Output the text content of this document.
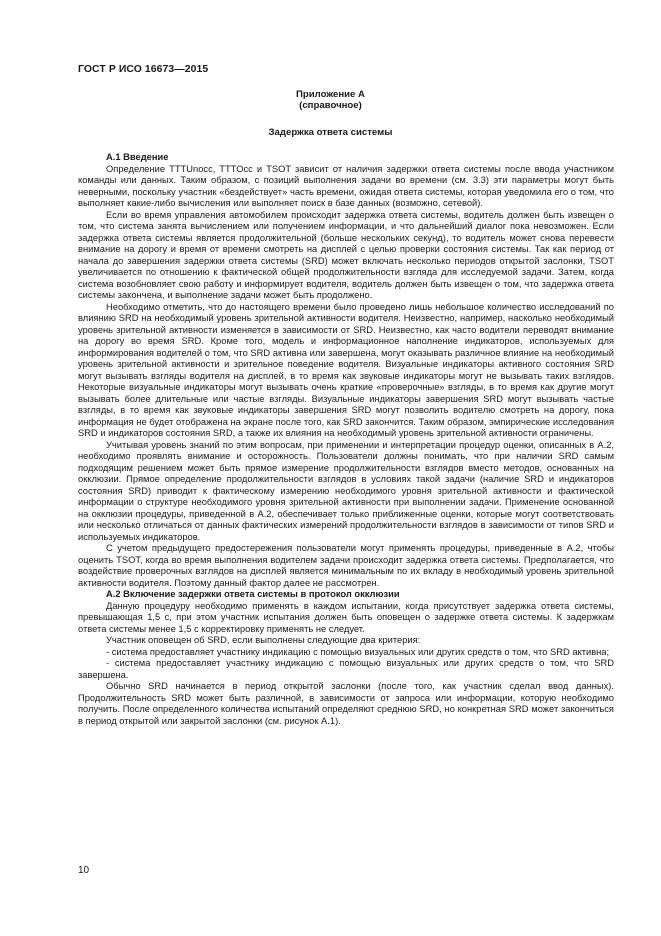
ГОСТ Р ИСО 16673—2015
Приложение А
(справочное)
Задержка ответа системы

А.1 Введение

Определение TTTUnocc, TTTOcc и TSOT зависит от наличия задержки ответа системы после ввода участником команды или данных. Таким образом, с позиций выполнения задачи во времени (см. 3.3) эти параметры могут быть неверными, поскольку участник «бездействует» часть времени, ожидая ответа системы, которая уведомила его о том, что выполняет какие-либо вычисления или выполняет поиск в базе данных (возможно, сетевой).

Если во время управления автомобилем происходит задержка ответа системы, водитель должен быть извещен о том, что система занята вычислением или получением информации, и что дальнейший диалог пока невозможен. Если задержка ответа системы является продолжительной (больше нескольких секунд), то водитель может снова перевести внимание на дорогу и время от времени смотреть на дисплей с целью проверки состояния системы. Так как период от начала до завершения задержки ответа системы (SRD) может включать несколько периодов открытой заслонки, TSOT увеличивается по отношению к фактической общей продолжительности взгляда для исследуемой задачи. Затем, когда система возобновляет свою работу и информирует водителя, водитель должен быть извещен о том, что задержка ответа системы закончена, и выполнение задачи может быть продолжено.

Необходимо отметить, что до настоящего времени было проведено лишь небольшое количество исследований по влиянию SRD на необходимый уровень зрительной активности водителя. Неизвестно, например, насколько необходимый уровень зрительной активности изменяется в зависимости от SRD. Неизвестно, как часто водители переводят внимание на дорогу во время SRD. Кроме того, модель и информационное наполнение индикаторов, используемых для информирования водителей о том, что SRD активна или завершена, могут оказывать различное влияние на необходимый уровень зрительной активности и зрительное поведение водителя. Визуальные индикаторы активного состояния SRD могут вызывать взгляды водителя на дисплей, в то время как звуковые индикаторы могут не вызывать таких взглядов. Некоторые визуальные индикаторы могут вызывать очень краткие «проверочные» взгляды, в то время как другие могут вызывать более длительные или частые взгляды. Визуальные индикаторы завершения SRD могут вызывать частые взгляды, в то время как звуковые индикаторы завершения SRD могут позволить водителю смотреть на дорогу, пока информация не будет отображена на экране после того, как SRD закончится. Таким образом, эмпирические исследования SRD и индикаторов состояния SRD, а также их влияния на необходимый уровень зрительной активности ограничены.

Учитывая уровень знаний по этим вопросам, при применении и интерпретации процедур оценки, описанных в А.2, необходимо проявлять внимание и осторожность. Пользователи должны понимать, что при наличии SRD самым подходящим решением может быть прямое измерение продолжительности взглядов вместо методов, основанных на окклюзии. Прямое определение продолжительности взглядов в условиях такой задачи (наличие SRD и индикаторов состояния SRD) приводит к фактическому измерению необходимого уровня зрительной активности и фактической информации о структуре необходимого уровня зрительной активности при выполнении задачи. Применение основанной на окклюзии процедуры, приведенной в А.2, обеспечивает только приближенные оценки, которые могут соответствовать или несколько отличаться от данных фактических измерений продолжительности взглядов в зависимости от типов SRD и используемых индикаторов.

С учетом предыдущего предостережения пользователи могут применять процедуры, приведенные в А.2, чтобы оценить TSOT, когда во время выполнения водителем задачи происходит задержка ответа системы. Предполагается, что воздействие проверочных взглядов на дисплей является минимальным по их вкладу в необходимый уровень зрительной активности водителя. Поэтому данный фактор далее не рассмотрен.

А.2 Включение задержки ответа системы в протокол окклюзии

Данную процедуру необходимо применять в каждом испытании, когда присутствует задержка ответа системы, превышающая 1,5 с, при этом участник испытания должен быть оповещен о задержке ответа системы. К задержкам ответа системы менее 1,5 с корректировку применять не следует.

Участник оповещен об SRD, если выполнены следующие два критерия:

- система предоставляет участнику индикацию с помощью визуальных или других средств о том, что SRD активна;

- система предоставляет участнику индикацию с помощью визуальных или других средств о том, что SRD завершена.

Обычно SRD начинается в период открытой заслонки (после того, как участник сделал ввод данных). Продолжительность SRD может быть различной, в зависимости от запроса или информации, которую необходимо получить. После определенного количества испытаний определяют среднюю SRD, но конкретная SRD может закончиться в период открытой или закрытой заслонки (см. рисунок А.1).

10
